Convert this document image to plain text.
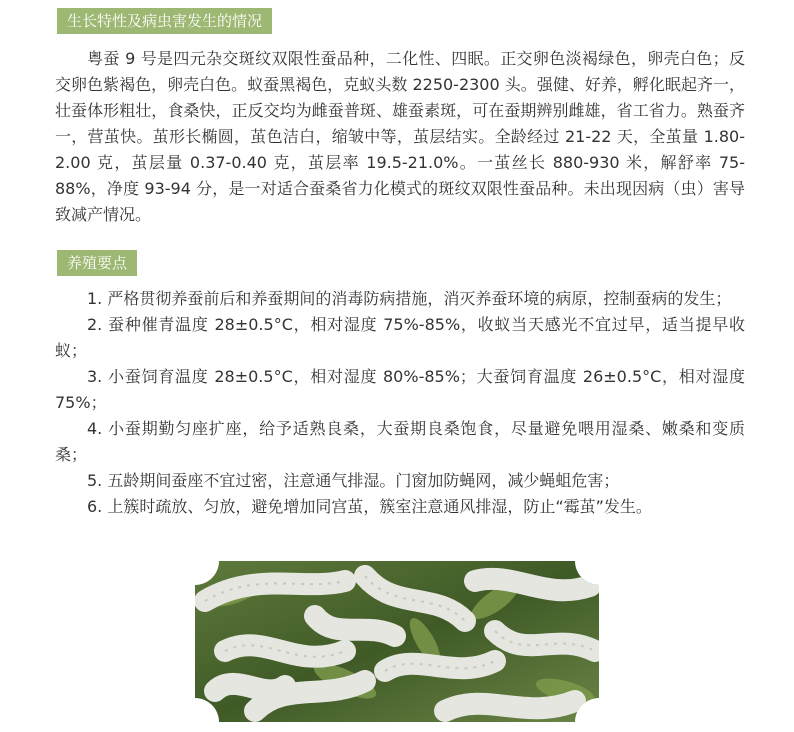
生长特性及病虫害发生的情况

粤蚕 9 号是四元杂交斑纹双限性蚕品种，二化性、四眠。正交卵色淡褐绿色，卵壳白色；反交卵色紫褐色，卵壳白色。蚁蚕黑褐色，克蚁头数 2250-2300 头。强健、好养，孵化眠起齐一，壮蚕体形粗壮，食桑快，正反交均为雌蚕普斑、雄蚕素斑，可在蚕期辨别雌雄，省工省力。熟蚕齐一，营茧快。茧形长椭圆，茧色洁白，缩皱中等，茧层结实。全龄经过 21-22 天，全茧量 1.80-2.00 克，茧层量 0.37-0.40 克，茧层率 19.5-21.0%。一茧丝长 880-930 米，解舒率 75-88%，净度 93-94 分，是一对适合蚕桑省力化模式的斑纹双限性蚕品种。未出现因病（虫）害导致减产情况。

养殖要点

1. 严格贯彻养蚕前后和养蚕期间的消毒防病措施，消灭养蚕环境的病原，控制蚕病的发生；

2. 蚕种催青温度 28±0.5°C，相对湿度 75%-85%，收蚁当天感光不宜过早，适当提早收蚁；

3. 小蚕饲育温度 28±0.5°C，相对湿度 80%-85%；大蚕饲育温度 26±0.5°C，相对湿度 75%；

4. 小蚕期勤匀座扩座，给予适熟良桑，大蚕期良桑饱食，尽量避免喂用湿桑、嫩桑和变质桑；

5. 五龄期间蚕座不宜过密，注意通气排湿。门窗加防蝇网，减少蝇蛆危害；

6. 上簇时疏放、匀放，避免增加同宫茧，簇室注意通风排湿，防止“霉茧”发生。
